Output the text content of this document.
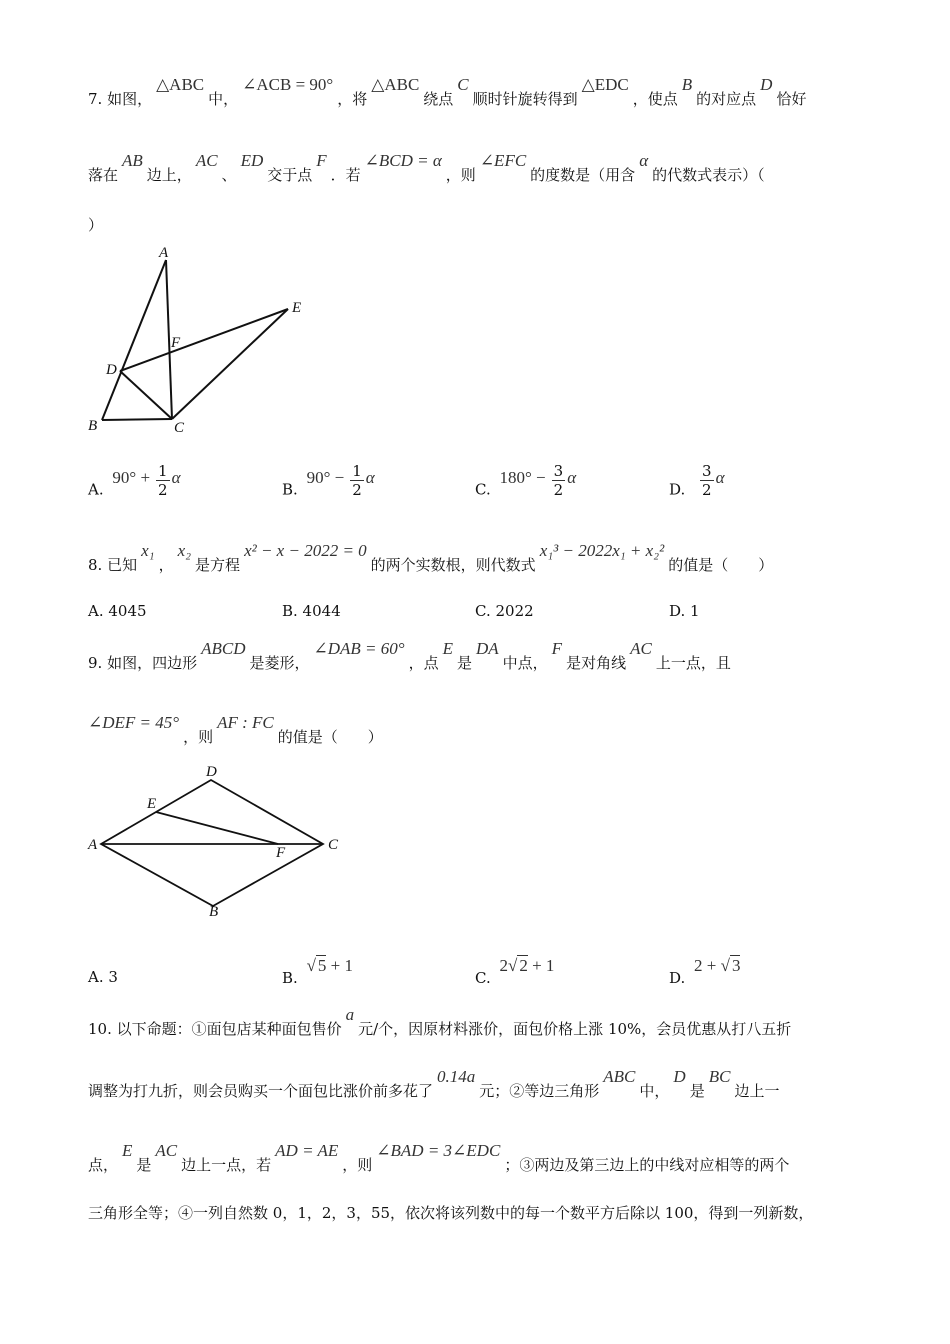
7. 如图，△ABC中，∠ACB = 90°，将△ABC绕点C顺时针旋转得到△EDC，使点B的对应点D恰好
落在AB边上，AC、ED交于点F．若∠BCD = α，则∠EFC的度数是（用含α的代数式表示）（
）
A
B	C
D
E
F
A. $90^\circ + \frac{1}{2}$ α
B. $90^\circ - \frac{1}{2}$ α
C. $180^\circ - \frac{3}{2}$ α
D. $\frac{3}{2}$ α
8. 已知x₁，x₂是方程x² − x − 2022 = 0的两个实数根，则代数式x₁³ − 2022x₁ + x₂²的值是（　　）
A. 4045	B. 4044	C. 2022	D. 1
9. 如图，四边形ABCD是菱形，∠DAB = 60°，点E是DA中点，F是对角线AC上一点，且
∠DEF = 45°，则AF : FC的值是（　　）
A
B
C
D
E
F
A. 3	B. √ 5 + 1
C. 2√ 2 + 1
D. 2 + √ 3
10. 以下命题：①面包店某种面包售价a元/个，因原材料涨价，面包价格上涨 10%，会员优惠从打八五折
调整为打九折，则会员购买一个面包比涨价前多花了0.14a元；②等边三角形ABC中，D是BC边上一
点，E是AC边上一点，若AD = AE，则∠BAD = 3∠EDC；③两边及第三边上的中线对应相等的两个
三角形全等；④一列自然数 0，1，2，3，55，依次将该列数中的每一个数平方后除以 100，得到一列新数，
